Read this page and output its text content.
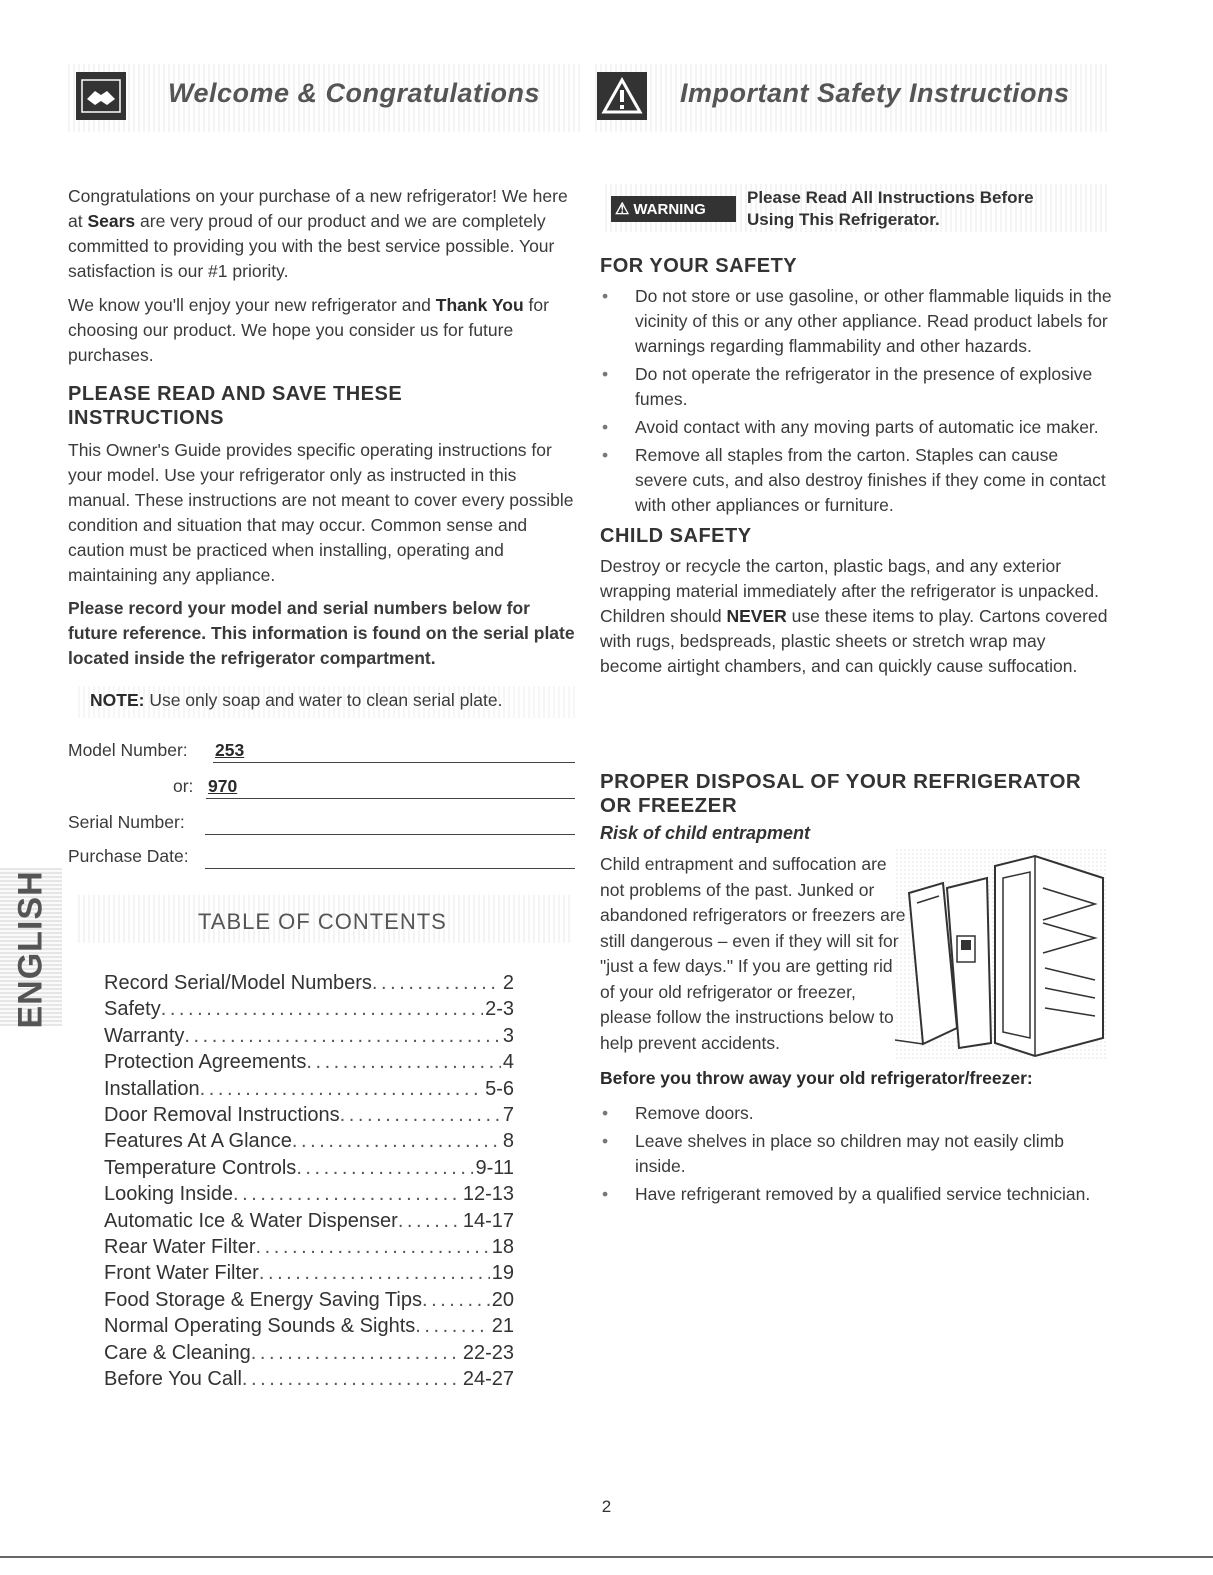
Welcome & Congratulations	Important Safety Instructions

Congratulations on your purchase of a new refrigerator! We here at Sears are very proud of our product and we are completely committed to providing you with the best service possible. Your satisfaction is our #1 priority.

We know you'll enjoy your new refrigerator and Thank You for choosing our product. We hope you consider us for future purchases.

PLEASE READ AND SAVE THESE INSTRUCTIONS

This Owner's Guide provides specific operating instructions for your model. Use your refrigerator only as instructed in this manual. These instructions are not meant to cover every possible condition and situation that may occur. Common sense and caution must be practiced when installing, operating and maintaining any appliance.

Please record your model and serial numbers below for future reference. This information is found on the serial plate located inside the refrigerator compartment.

NOTE: Use only soap and water to clean serial plate.
Model Number: 253
or: 970
Serial Number:
Purchase Date:
ENGLISH	TABLE OF CONTENTS
Record Serial/Model Numbers . . .	2
Safety . . .	2-3
Warranty . . .	3
Protection Agreements . . .	4
Installation . . .	5-6
Door Removal Instructions . . .	7
Features At A Glance . . .	8
Temperature Controls . . .	9-11
Looking Inside . . .	12-13
Automatic Ice & Water Dispenser . . .	14-17
Rear Water Filter . . .	18
Front Water Filter . . .	19
Food Storage & Energy Saving Tips . . .	20
Normal Operating Sounds & Sights . . .	21
Care & Cleaning . . .	22-23
Before You Call . . .	24-27
⚠ WARNING
Please Read All Instructions Before
Using This Refrigerator.
FOR YOUR SAFETY
• Do not store or use gasoline, or other flammable liquids in the vicinity of this or any other appliance. Read product labels for warnings regarding flammability and other hazards.
• Do not operate the refrigerator in the presence of explosive fumes.
• Avoid contact with any moving parts of automatic ice maker.
• Remove all staples from the carton. Staples can cause severe cuts, and also destroy finishes if they come in contact with other appliances or furniture.
CHILD SAFETY

Destroy or recycle the carton, plastic bags, and any exterior wrapping material immediately after the refrigerator is unpacked. Children should NEVER use these items to play. Cartons covered with rugs, bedspreads, plastic sheets or stretch wrap may become airtight chambers, and can quickly cause suffocation.

PROPER DISPOSAL OF YOUR REFRIGERATOR OR FREEZER
Risk of child entrapment

Child entrapment and suffocation are not problems of the past. Junked or abandoned refrigerators or freezers are still dangerous – even if they will sit for "just a few days." If you are getting rid of your old refrigerator or freezer, please follow the instructions below to help prevent accidents.

Before you throw away your old refrigerator/freezer:
• Remove doors.
• Leave shelves in place so children may not easily climb inside.
• Have refrigerant removed by a qualified service technician.
2
